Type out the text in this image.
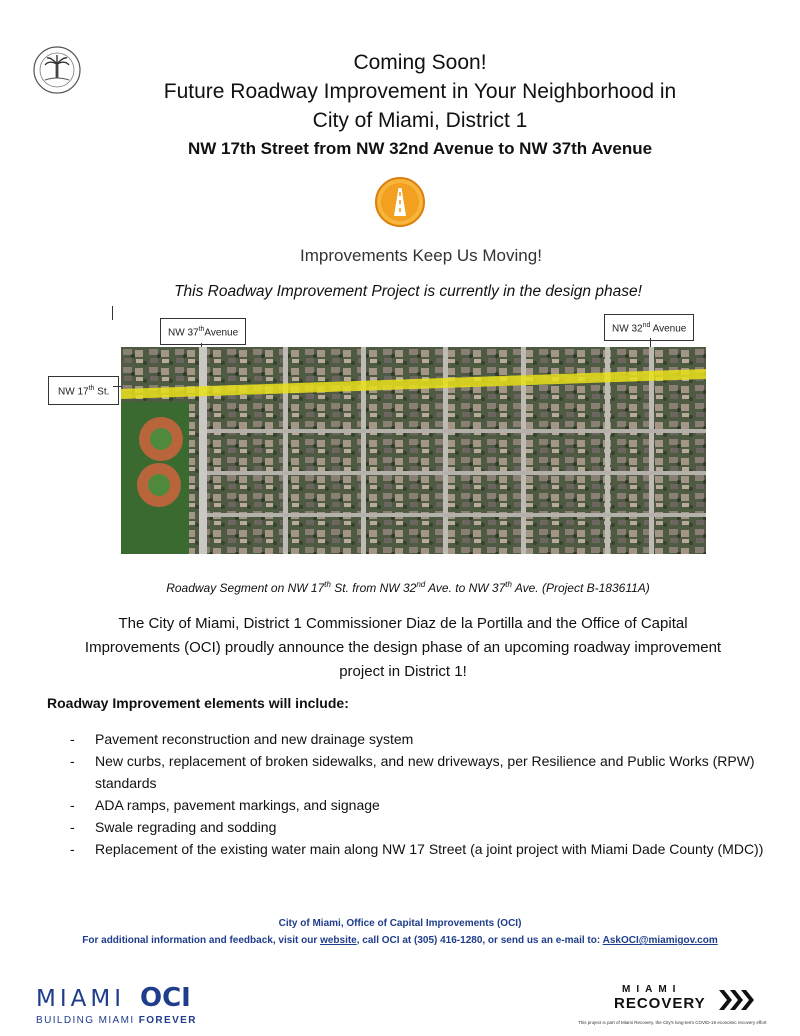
Coming Soon!
Future Roadway Improvement in Your Neighborhood in
City of Miami, District 1
NW 17th Street from NW 32nd Avenue to NW 37th Avenue
Improvements Keep Us Moving!
This Roadway Improvement Project is currently in the design phase!
NW 37thAvenue	NW 32nd Avenue
NW 17th St.
Roadway Segment on NW 17th St. from NW 32nd Ave. to NW 37th Ave. (Project B-183611A)
The City of Miami, District 1 Commissioner Diaz de la Portilla and the Office of Capital Improvements (OCI) proudly announce the design phase of an upcoming roadway improvement project in District 1!
Roadway Improvement elements will include:
- Pavement reconstruction and new drainage system
- New curbs, replacement of broken sidewalks, and new driveways, per Resilience and Public Works (RPW) standards
- ADA ramps, pavement markings, and signage
- Swale regrading and sodding
- Replacement of the existing water main along NW 17 Street (a joint project with Miami Dade County (MDC))
City of Miami, Office of Capital Improvements (OCI)
For additional information and feedback, visit our website, call OCI at (305) 416-1280, or send us an e-mail to: AskOCI@miamigov.com
MIAMI OCI
BUILDING MIAMI FOREVER
MIAMI
RECOVERY
This project is part of Miami Recovery, the City's long-term COVID-19 economic recovery effort
